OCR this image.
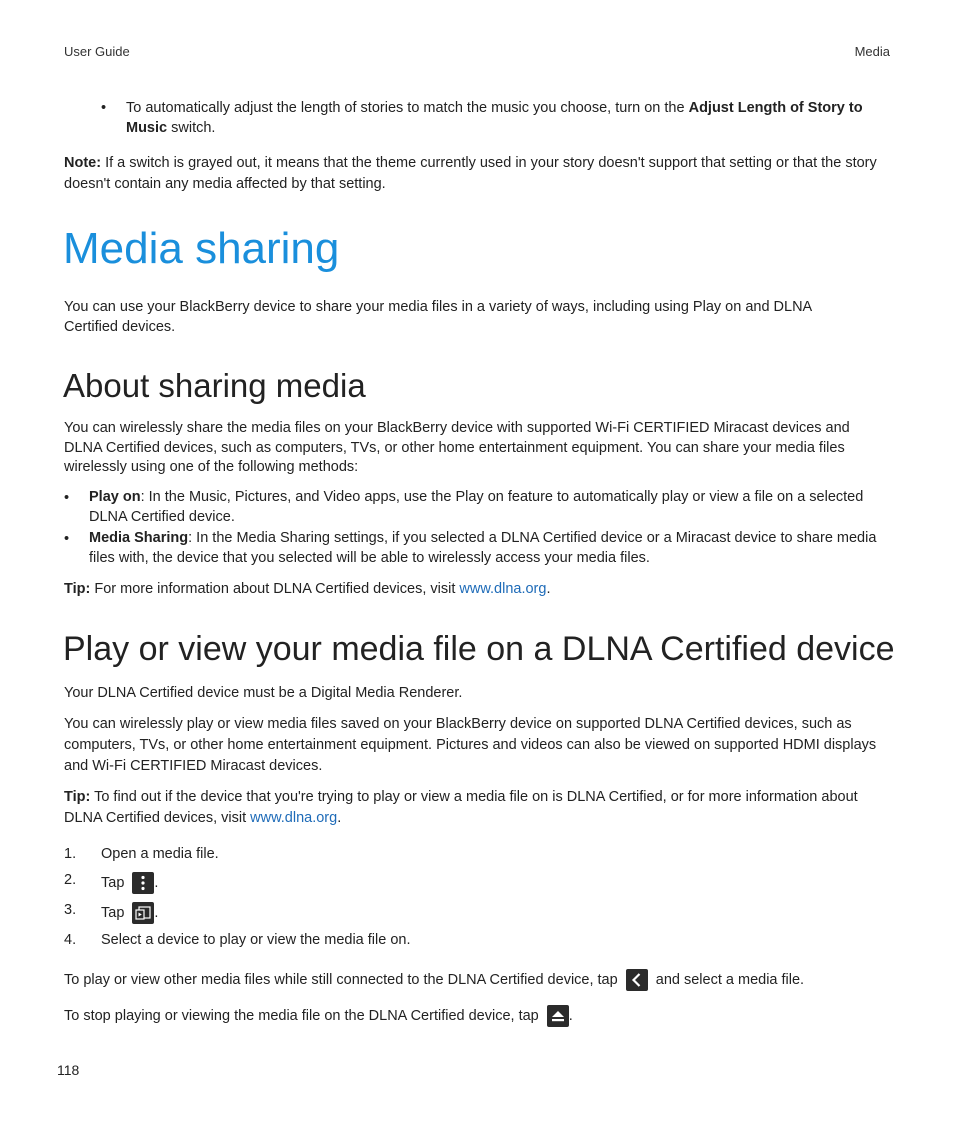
User Guide	Media
•	To automatically adjust the length of stories to match the music you choose, turn on the Adjust Length of Story to Music switch.
Note: If a switch is grayed out, it means that the theme currently used in your story doesn't support that setting or that the story doesn't contain any media affected by that setting.
Media sharing
You can use your BlackBerry device to share your media files in a variety of ways, including using Play on and DLNA Certified devices.
About sharing media
You can wirelessly share the media files on your BlackBerry device with supported Wi-Fi CERTIFIED Miracast devices and DLNA Certified devices, such as computers, TVs, or other home entertainment equipment. You can share your media files wirelessly using one of the following methods:
•	Play on: In the Music, Pictures, and Video apps, use the Play on feature to automatically play or view a file on a selected DLNA Certified device.
•	Media Sharing: In the Media Sharing settings, if you selected a DLNA Certified device or a Miracast device to share media files with, the device that you selected will be able to wirelessly access your media files.
Tip: For more information about DLNA Certified devices, visit www.dlna.org.
Play or view your media file on a DLNA Certified device
Your DLNA Certified device must be a Digital Media Renderer.
You can wirelessly play or view media files saved on your BlackBerry device on supported DLNA Certified devices, such as computers, TVs, or other home entertainment equipment. Pictures and videos can also be viewed on supported HDMI displays and Wi-Fi CERTIFIED Miracast devices.
Tip: To find out if the device that you're trying to play or view a media file on is DLNA Certified, or for more information about DLNA Certified devices, visit www.dlna.org.
1.	Open a media file.
2.	Tap .
3.	Tap .
4.	Select a device to play or view the media file on.
To play or view other media files while still connected to the DLNA Certified device, tap	and select a media file.
To stop playing or viewing the media file on the DLNA Certified device, tap .
118
